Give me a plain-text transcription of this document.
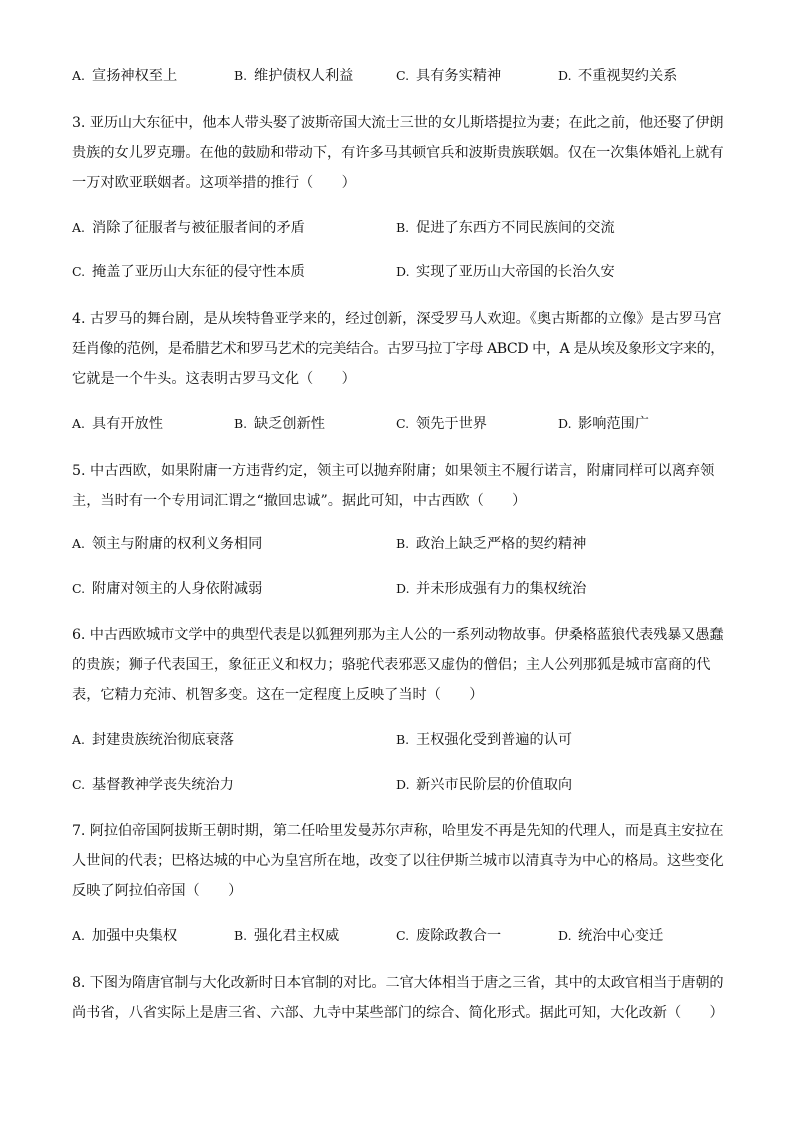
A. 宣扬神权至上	B. 维护债权人利益	C. 具有务实精神	D. 不重视契约关系
3. 亚历山大东征中，他本人带头娶了波斯帝国大流士三世的女儿斯塔提拉为妻；在此之前，他还娶了伊朗
贵族的女儿罗克珊。在他的鼓励和带动下，有许多马其顿官兵和波斯贵族联姻。仅在一次集体婚礼上就有
一万对欧亚联姻者。这项举措的推行（　　）
A. 消除了征服者与被征服者间的矛盾	B. 促进了东西方不同民族间的交流
C. 掩盖了亚历山大东征的侵守性本质	D. 实现了亚历山大帝国的长治久安
4. 古罗马的舞台剧，是从埃特鲁亚学来的，经过创新，深受罗马人欢迎。《奥古斯都的立像》是古罗马宫
廷肖像的范例，是希腊艺术和罗马艺术的完美结合。古罗马拉丁字母 ABCD 中，A 是从埃及象形文字来的，
它就是一个牛头。这表明古罗马文化（　　）
A. 具有开放性	B. 缺乏创新性	C. 领先于世界	D. 影响范围广
5. 中古西欧，如果附庸一方违背约定，领主可以抛弃附庸；如果领主不履行诺言，附庸同样可以离弃领
主，当时有一个专用词汇谓之“撤回忠诚”。据此可知，中古西欧（　　）
A. 领主与附庸的权利义务相同	B. 政治上缺乏严格的契约精神
C. 附庸对领主的人身依附减弱	D. 并未形成强有力的集权统治
6. 中古西欧城市文学中的典型代表是以狐狸列那为主人公的一系列动物故事。伊桑格蓝狼代表残暴又愚蠢
的贵族；狮子代表国王，象征正义和权力；骆驼代表邪恶又虚伪的僧侣；主人公列那狐是城市富商的代
表，它精力充沛、机智多变。这在一定程度上反映了当时（　　）
A. 封建贵族统治彻底衰落	B. 王权强化受到普遍的认可
C. 基督教神学丧失统治力	D. 新兴市民阶层的价值取向
7. 阿拉伯帝国阿拔斯王朝时期，第二任哈里发曼苏尔声称，哈里发不再是先知的代理人，而是真主安拉在
人世间的代表；巴格达城的中心为皇宫所在地，改变了以往伊斯兰城市以清真寺为中心的格局。这些变化
反映了阿拉伯帝国（　　）
A. 加强中央集权	B. 强化君主权威	C. 废除政教合一	D. 统治中心变迁
8. 下图为隋唐官制与大化改新时日本官制的对比。二官大体相当于唐之三省，其中的太政官相当于唐朝的
尚书省，八省实际上是唐三省、六部、九寺中某些部门的综合、简化形式。据此可知，大化改新（　　）
